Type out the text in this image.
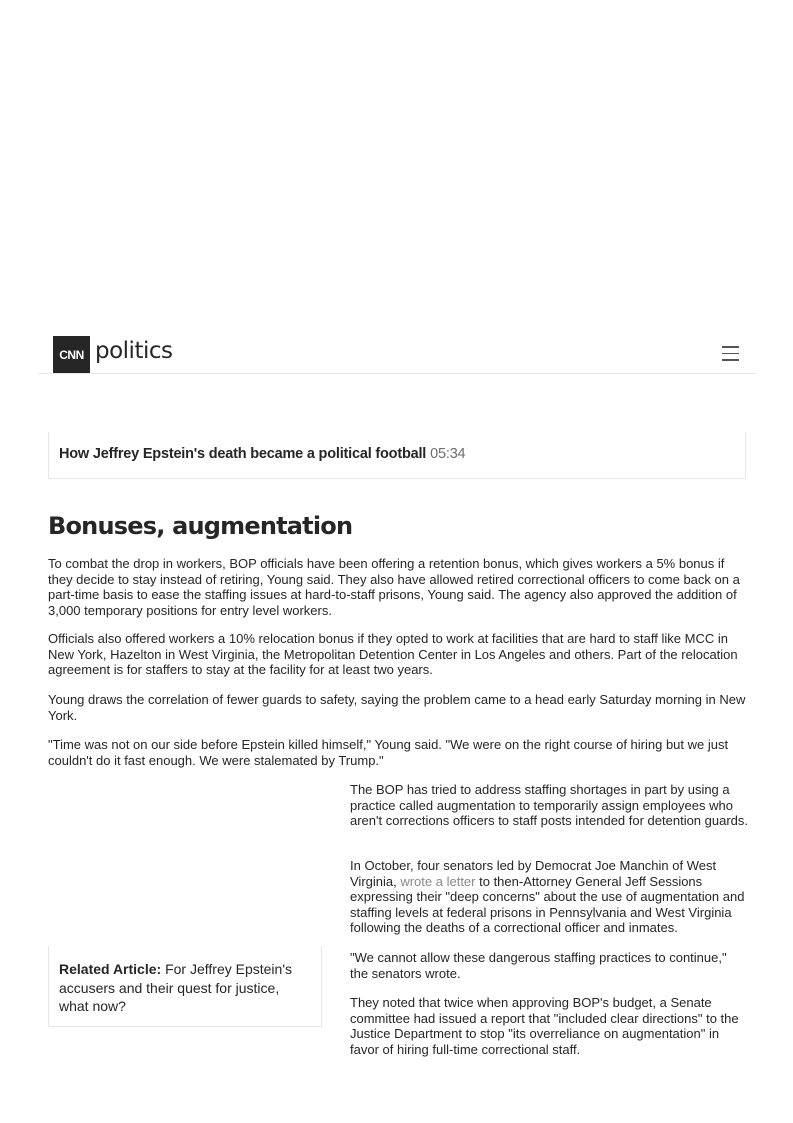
CNN politics
How Jeffrey Epstein's death became a political football 05:34
Bonuses, augmentation

To combat the drop in workers, BOP officials have been offering a retention bonus, which gives workers a 5% bonus if they decide to stay instead of retiring, Young said. They also have allowed retired correctional officers to come back on a part-time basis to ease the staffing issues at hard-to-staff prisons, Young said. The agency also approved the addition of 3,000 temporary positions for entry level workers.

Officials also offered workers a 10% relocation bonus if they opted to work at facilities that are hard to staff like MCC in New York, Hazelton in West Virginia, the Metropolitan Detention Center in Los Angeles and others. Part of the relocation agreement is for staffers to stay at the facility for at least two years.

Young draws the correlation of fewer guards to safety, saying the problem came to a head early Saturday morning in New York.

"Time was not on our side before Epstein killed himself," Young said. "We were on the right course of hiring but we just couldn't do it fast enough. We were stalemated by Trump."

The BOP has tried to address staffing shortages in part by using a practice called augmentation to temporarily assign employees who aren't corrections officers to staff posts intended for detention guards.

In October, four senators led by Democrat Joe Manchin of West Virginia, wrote a letter to then-Attorney General Jeff Sessions expressing their "deep concerns" about the use of augmentation and staffing levels at federal prisons in Pennsylvania and West Virginia following the deaths of a correctional officer and inmates.

"We cannot allow these dangerous staffing practices to continue," the senators wrote.

They noted that twice when approving BOP's budget, a Senate committee had issued a report that "included clear directions" to the Justice Department to stop "its overreliance on augmentation" in favor of hiring full-time correctional staff.

Related Article: For Jeffrey Epstein's accusers and their quest for justice, what now?
